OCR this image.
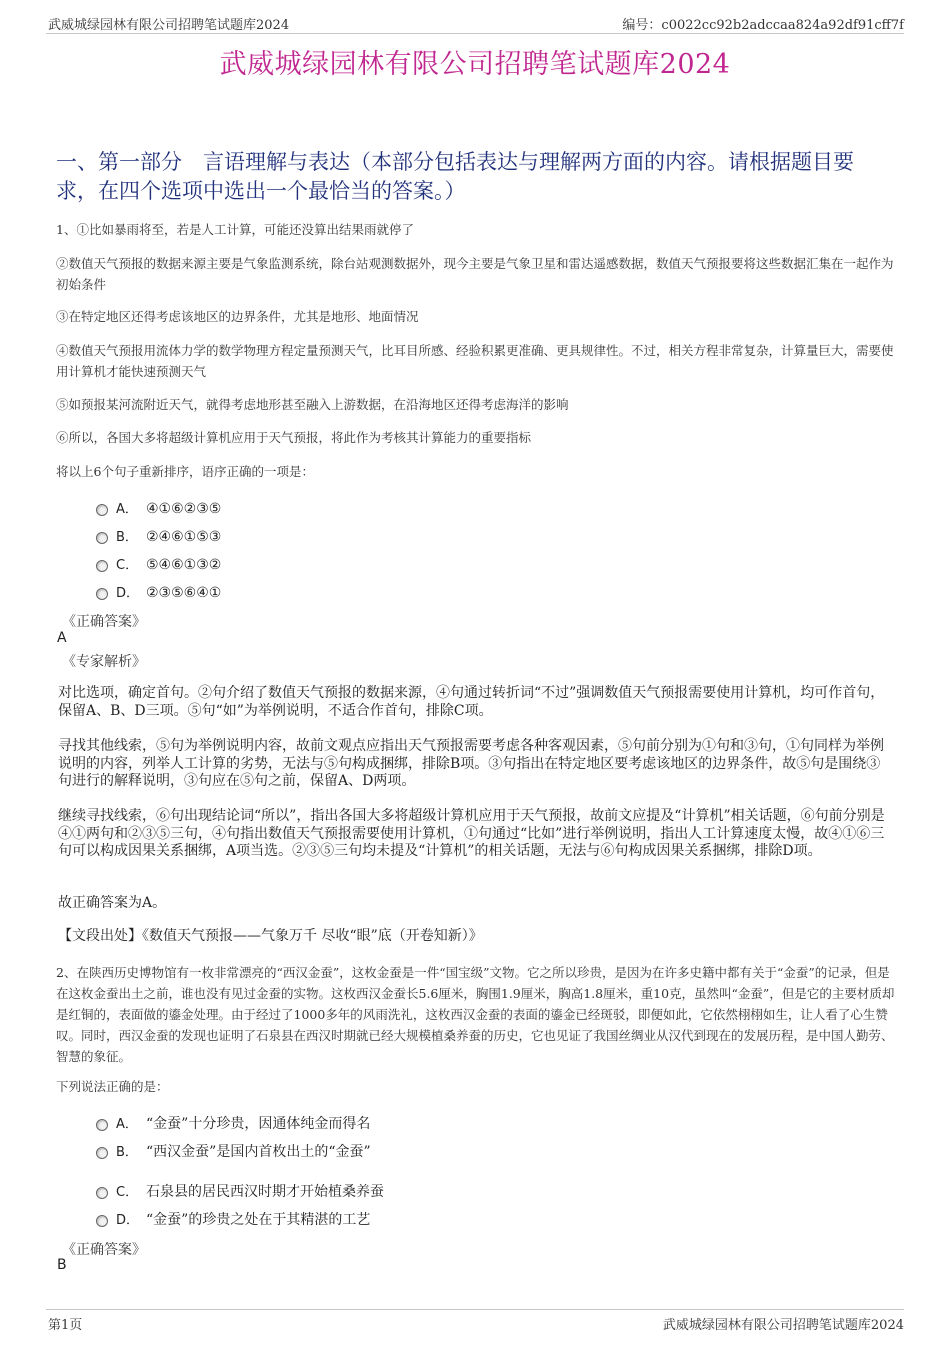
武威城绿园林有限公司招聘笔试题库2024	编号：c0022cc92b2adccaa824a92df91cff7f
武威城绿园林有限公司招聘笔试题库2024
一、第一部分　言语理解与表达（本部分包括表达与理解两方面的内容。请根据题目要求，在四个选项中选出一个最恰当的答案。）
1、①比如暴雨将至，若是人工计算，可能还没算出结果雨就停了
②数值天气预报的数据来源主要是气象监测系统，除台站观测数据外，现今主要是气象卫星和雷达遥感数据，数值天气预报要将这些数据汇集在一起作为初始条件
③在特定地区还得考虑该地区的边界条件，尤其是地形、地面情况
④数值天气预报用流体力学的数学物理方程定量预测天气，比耳目所感、经验积累更准确、更具规律性。不过，相关方程非常复杂，计算量巨大，需要使用计算机才能快速预测天气
⑤如预报某河流附近天气，就得考虑地形甚至融入上游数据，在沿海地区还得考虑海洋的影响
⑥所以，各国大多将超级计算机应用于天气预报，将此作为考核其计算能力的重要指标
将以上6个句子重新排序，语序正确的一项是：
A． ④①⑥②③⑤
B． ②④⑥①⑤③
C． ⑤④⑥①③②
D． ②③⑤⑥④①
《正确答案》
A
《专家解析》
对比选项，确定首句。②句介绍了数值天气预报的数据来源，④句通过转折词“不过”强调数值天气预报需要使用计算机，均可作首句，保留A、B、D三项。⑤句“如”为举例说明，不适合作首句，排除C项。
寻找其他线索，⑤句为举例说明内容，故前文观点应指出天气预报需要考虑各种客观因素，⑤句前分别为①句和③句，①句同样为举例说明的内容，列举人工计算的劣势，无法与⑤句构成捆绑，排除B项。③句指出在特定地区要考虑该地区的边界条件，故⑤句是围绕③句进行的解释说明，③句应在⑤句之前，保留A、D两项。
继续寻找线索，⑥句出现结论词“所以”，指出各国大多将超级计算机应用于天气预报，故前文应提及“计算机”相关话题，⑥句前分别是④①两句和②③⑤三句，④句指出数值天气预报需要使用计算机，①句通过“比如”进行举例说明，指出人工计算速度太慢，故④①⑥三句可以构成因果关系捆绑，A项当选。②③⑤三句均未提及“计算机”的相关话题，无法与⑥句构成因果关系捆绑，排除D项。
故正确答案为A。
【文段出处】《数值天气预报——气象万千 尽收“眼”底（开卷知新）》
2、在陕西历史博物馆有一枚非常漂亮的“西汉金蚕”，这枚金蚕是一件“国宝级”文物。它之所以珍贵，是因为在许多史籍中都有关于“金蚕”的记录，但是在这枚金蚕出土之前，谁也没有见过金蚕的实物。这枚西汉金蚕长5.6厘米，胸围1.9厘米，胸高1.8厘米，重10克，虽然叫“金蚕”，但是它的主要材质却是红铜的，表面做的鎏金处理。由于经过了1000多年的风雨洗礼，这枚西汉金蚕的表面的鎏金已经斑驳，即便如此，它依然栩栩如生，让人看了心生赞叹。同时，西汉金蚕的发现也证明了石泉县在西汉时期就已经大规模植桑养蚕的历史，它也见证了我国丝绸业从汉代到现在的发展历程，是中国人勤劳、智慧的象征。
下列说法正确的是：
A． “金蚕”十分珍贵，因通体纯金而得名
B． “西汉金蚕”是国内首枚出土的“金蚕”
C． 石泉县的居民西汉时期才开始植桑养蚕
D． “金蚕”的珍贵之处在于其精湛的工艺
《正确答案》
B
第1页	武威城绿园林有限公司招聘笔试题库2024
